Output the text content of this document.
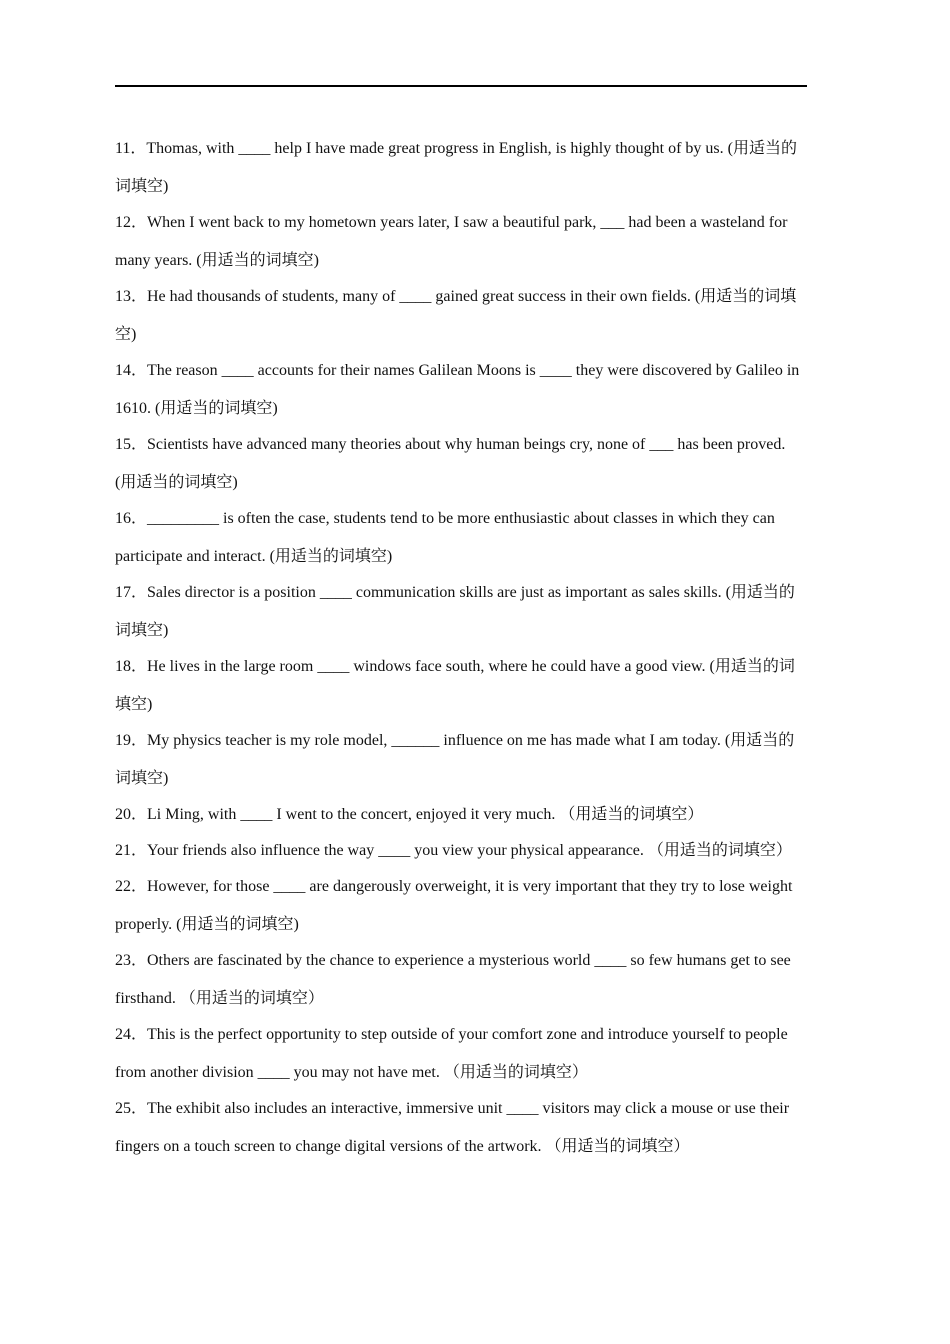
11．Thomas, with ____ help I have made great progress in English, is highly thought of by us. (用适当的词填空)
12．When I went back to my hometown years later, I saw a beautiful park, ___ had been a wasteland for many years. (用适当的词填空)
13．He had thousands of students, many of ____ gained great success in their own fields. (用适当的词填空)
14．The reason ____ accounts for their names Galilean Moons is ____ they were discovered by Galileo in 1610. (用适当的词填空)
15．Scientists have advanced many theories about why human beings cry, none of ___ has been proved. (用适当的词填空)
16．_________ is often the case, students tend to be more enthusiastic about classes in which they can participate and interact. (用适当的词填空)
17．Sales director is a position ____ communication skills are just as important as sales skills. (用适当的词填空)
18．He lives in the large room ____ windows face south, where he could have a good view. (用适当的词填空)
19．My physics teacher is my role model, ______ influence on me has made what I am today. (用适当的词填空)
20．Li Ming, with ____ I went to the concert, enjoyed it very much. （用适当的词填空）
21．Your friends also influence the way ____ you view your physical appearance. （用适当的词填空）
22．However, for those ____ are dangerously overweight, it is very important that they try to lose weight properly. (用适当的词填空)
23．Others are fascinated by the chance to experience a mysterious world ____ so few humans get to see firsthand. （用适当的词填空）
24．This is the perfect opportunity to step outside of your comfort zone and introduce yourself to people from another division ____ you may not have met. （用适当的词填空）
25．The exhibit also includes an interactive, immersive unit ____ visitors may click a mouse or use their fingers on a touch screen to change digital versions of the artwork. （用适当的词填空）
